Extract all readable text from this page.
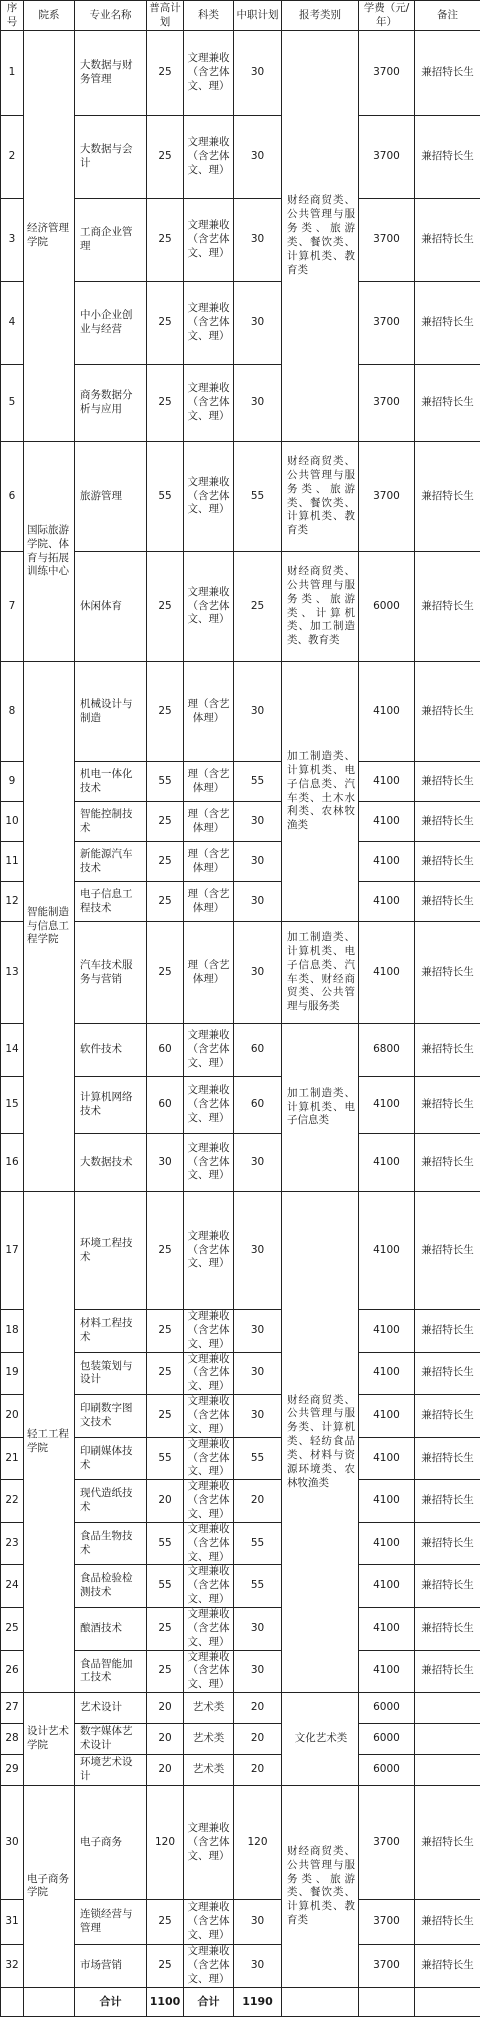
序号	院系	专业名称	普高计划	科类	中职计划	报考类别	学费（元/年）	备注
1	经济管理学院	大数据与财务管理	25	文理兼收（含艺体文、理）	30	财经商贸类、公共管理与服务类、旅游类、餐饮类、计算机类、教育类	3700	兼招特长生
2		大数据与会计	25	文理兼收（含艺体文、理）	30		3700	兼招特长生
3		工商企业管理	25	文理兼收（含艺体文、理）	30		3700	兼招特长生
4		中小企业创业与经营	25	文理兼收（含艺体文、理）	30		3700	兼招特长生
5		商务数据分析与应用	25	文理兼收（含艺体文、理）	30		3700	兼招特长生
6	国际旅游学院、体育与拓展训练中心	旅游管理	55	文理兼收（含艺体文、理）	55	财经商贸类、公共管理与服务类、旅游类、餐饮类、计算机类、教育类	3700	兼招特长生
7		休闲体育	25	文理兼收（含艺体文、理）	25	财经商贸类、公共管理与服务类、旅游类、计算机类、加工制造类、教育类	6000	兼招特长生
8	智能制造与信息工程学院	机械设计与制造	25	理（含艺体理）	30	加工制造类、计算机类、电子信息类、汽车类、土木水利类、农林牧渔类	4100	兼招特长生
9		机电一体化技术	55	理（含艺体理）	55		4100	兼招特长生
10		智能控制技术	25	理（含艺体理）	30		4100	兼招特长生
11		新能源汽车技术	25	理（含艺体理）	30		4100	兼招特长生
12		电子信息工程技术	25	理（含艺体理）	30		4100	兼招特长生
13		汽车技术服务与营销	25	理（含艺体理）	30	加工制造类、计算机类、电子信息类、汽车类、财经商贸类、公共管理与服务类	4100	兼招特长生
14		软件技术	60	文理兼收（含艺体文、理）	60	加工制造类、计算机类、电子信息类	6800	兼招特长生
15		计算机网络技术	60	文理兼收（含艺体文、理）	60		4100	兼招特长生
16		大数据技术	30	文理兼收（含艺体文、理）	30		4100	兼招特长生
17	轻工工程学院	环境工程技术	25	文理兼收（含艺体文、理）	30	财经商贸类、公共管理与服务类、计算机类、轻纺食品类、材料与资源环境类、农林牧渔类	4100	兼招特长生
18		材料工程技术	25	文理兼收（含艺体文、理）	30		4100	兼招特长生
19		包装策划与设计	25	文理兼收（含艺体文、理）	30		4100	兼招特长生
20		印刷数字图文技术	25	文理兼收（含艺体文、理）	30		4100	兼招特长生
21		印刷媒体技术	55	文理兼收（含艺体文、理）	55		4100	兼招特长生
22		现代造纸技术	20	文理兼收（含艺体文、理）	20		4100	兼招特长生
23		食品生物技术	55	文理兼收（含艺体文、理）	55		4100	兼招特长生
24		食品检验检测技术	55	文理兼收（含艺体文、理）	55		4100	兼招特长生
25		酿酒技术	25	文理兼收（含艺体文、理）	30		4100	兼招特长生
26		食品智能加工技术	25	文理兼收（含艺体文、理）	30		4100	兼招特长生
27	设计艺术学院	艺术设计	20	艺术类	20	文化艺术类	6000	
28		数字媒体艺术设计	20	艺术类	20		6000	
29		环境艺术设计	20	艺术类	20		6000	
30	电子商务学院	电子商务	120	文理兼收（含艺体文、理）	120	财经商贸类、公共管理与服务类、旅游类、餐饮类、计算机类、教育类	3700	兼招特长生
31		连锁经营与管理	25	文理兼收（含艺体文、理）	30		3700	兼招特长生
32		市场营销	25	文理兼收（含艺体文、理）	30		3700	兼招特长生
		合计	1100	合计	1190			
